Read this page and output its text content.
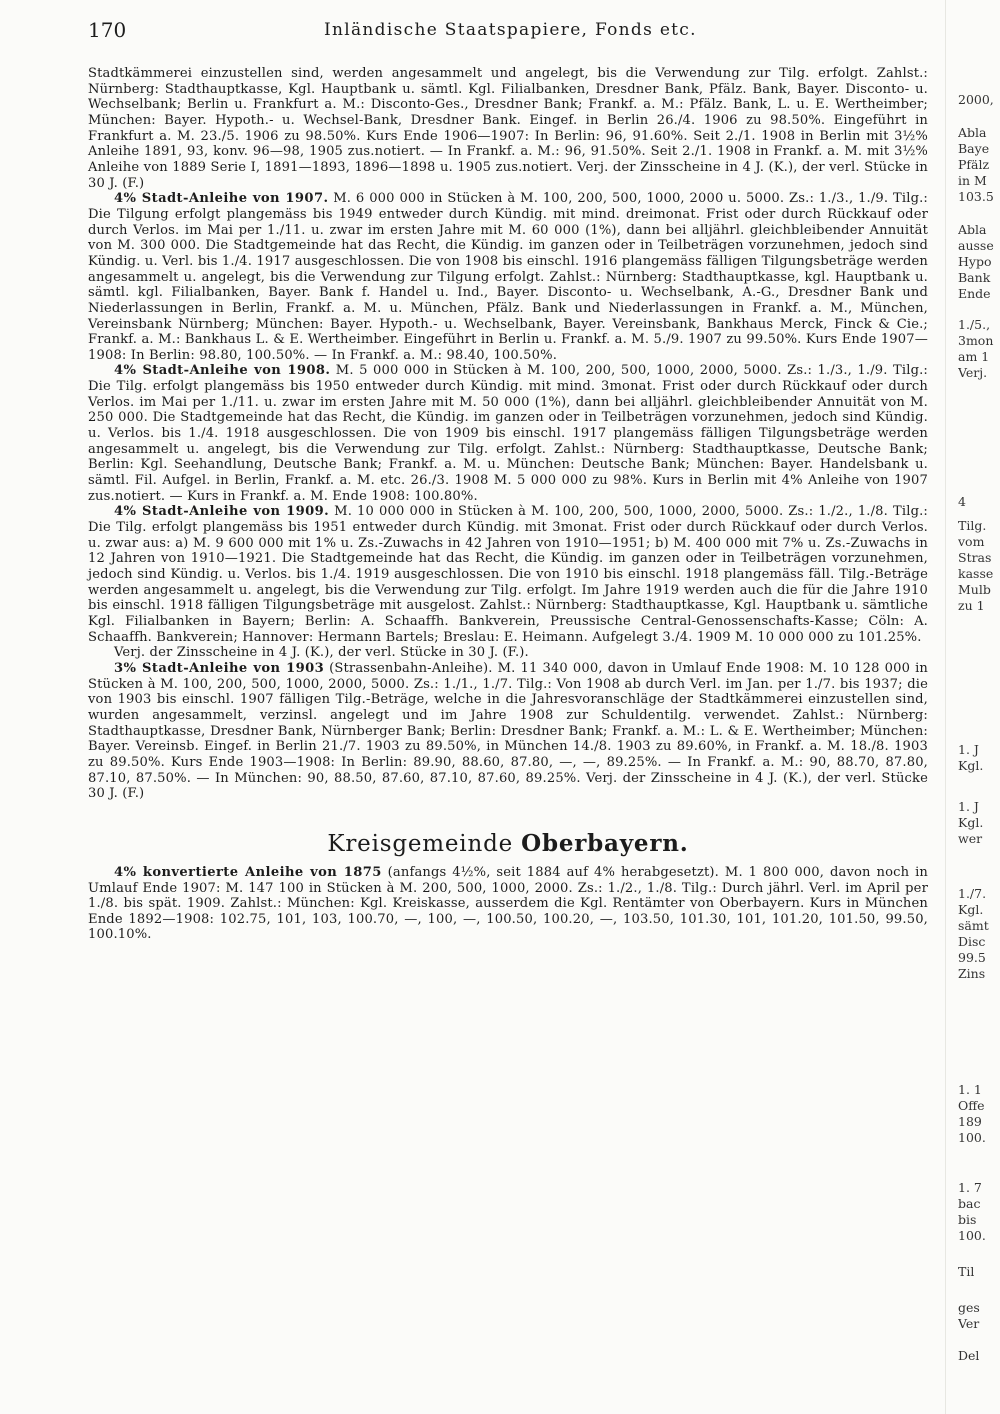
170	Inländische Staatspapiere, Fonds etc.

Stadtkämmerei einzustellen sind, werden angesammelt und angelegt, bis die Verwendung zur Tilg. erfolgt. Zahlst.: Nürnberg: Stadthauptkasse, Kgl. Hauptbank u. sämtl. Kgl. Filialbanken, Dresdner Bank, Pfälz. Bank, Bayer. Disconto- u. Wechselbank; Berlin u. Frankfurt a. M.: Disconto-Ges., Dresdner Bank; Frankf. a. M.: Pfälz. Bank, L. u. E. Wertheimber; München: Bayer. Hypoth.- u. Wechsel-Bank, Dresdner Bank. Eingef. in Berlin 26./4. 1906 zu 98.50%. Eingeführt in Frankfurt a. M. 23./5. 1906 zu 98.50%. Kurs Ende 1906—1907: In Berlin: 96, 91.60%. Seit 2./1. 1908 in Berlin mit 3½% Anleihe 1891, 93, konv. 96—98, 1905 zus.notiert. — In Frankf. a. M.: 96, 91.50%. Seit 2./1. 1908 in Frankf. a. M. mit 3½% Anleihe von 1889 Serie I, 1891—1893, 1896—1898 u. 1905 zus.notiert. Verj. der Zinsscheine in 4 J. (K.), der verl. Stücke in 30 J. (F.)

4% Stadt-Anleihe von 1907. M. 6 000 000 in Stücken à M. 100, 200, 500, 1000, 2000 u. 5000. Zs.: 1./3., 1./9. Tilg.: Die Tilgung erfolgt plangemäss bis 1949 entweder durch Kündig. mit mind. dreimonat. Frist oder durch Rückkauf oder durch Verlos. im Mai per 1./11. u. zwar im ersten Jahre mit M. 60 000 (1%), dann bei alljährl. gleichbleibender Annuität von M. 300 000. Die Stadtgemeinde hat das Recht, die Kündig. im ganzen oder in Teilbeträgen vorzunehmen, jedoch sind Kündig. u. Verl. bis 1./4. 1917 ausgeschlossen. Die von 1908 bis einschl. 1916 plangemäss fälligen Tilgungsbeträge werden angesammelt u. angelegt, bis die Verwendung zur Tilgung erfolgt. Zahlst.: Nürnberg: Stadthauptkasse, kgl. Hauptbank u. sämtl. kgl. Filialbanken, Bayer. Bank f. Handel u. Ind., Bayer. Disconto- u. Wechselbank, A.-G., Dresdner Bank und Niederlassungen in Berlin, Frankf. a. M. u. München, Pfälz. Bank und Niederlassungen in Frankf. a. M., München, Vereinsbank Nürnberg; München: Bayer. Hypoth.- u. Wechselbank, Bayer. Vereinsbank, Bankhaus Merck, Finck & Cie.; Frankf. a. M.: Bankhaus L. & E. Wertheimber. Eingeführt in Berlin u. Frankf. a. M. 5./9. 1907 zu 99.50%. Kurs Ende 1907—1908: In Berlin: 98.80, 100.50%. — In Frankf. a. M.: 98.40, 100.50%.

4% Stadt-Anleihe von 1908. M. 5 000 000 in Stücken à M. 100, 200, 500, 1000, 2000, 5000. Zs.: 1./3., 1./9. Tilg.: Die Tilg. erfolgt plangemäss bis 1950 entweder durch Kündig. mit mind. 3monat. Frist oder durch Rückkauf oder durch Verlos. im Mai per 1./11. u. zwar im ersten Jahre mit M. 50 000 (1%), dann bei alljährl. gleichbleibender Annuität von M. 250 000. Die Stadtgemeinde hat das Recht, die Kündig. im ganzen oder in Teilbeträgen vorzunehmen, jedoch sind Kündig. u. Verlos. bis 1./4. 1918 ausgeschlossen. Die von 1909 bis einschl. 1917 plangemäss fälligen Tilgungsbeträge werden angesammelt u. angelegt, bis die Verwendung zur Tilg. erfolgt. Zahlst.: Nürnberg: Stadthauptkasse, Deutsche Bank; Berlin: Kgl. Seehandlung, Deutsche Bank; Frankf. a. M. u. München: Deutsche Bank; München: Bayer. Handelsbank u. sämtl. Fil. Aufgel. in Berlin, Frankf. a. M. etc. 26./3. 1908 M. 5 000 000 zu 98%. Kurs in Berlin mit 4% Anleihe von 1907 zus.notiert. — Kurs in Frankf. a. M. Ende 1908: 100.80%.

4% Stadt-Anleihe von 1909. M. 10 000 000 in Stücken à M. 100, 200, 500, 1000, 2000, 5000. Zs.: 1./2., 1./8. Tilg.: Die Tilg. erfolgt plangemäss bis 1951 entweder durch Kündig. mit 3monat. Frist oder durch Rückkauf oder durch Verlos. u. zwar aus: a) M. 9 600 000 mit 1% u. Zs.-Zuwachs in 42 Jahren von 1910—1951; b) M. 400 000 mit 7% u. Zs.-Zuwachs in 12 Jahren von 1910—1921. Die Stadtgemeinde hat das Recht, die Kündig. im ganzen oder in Teilbeträgen vorzunehmen, jedoch sind Kündig. u. Verlos. bis 1./4. 1919 ausgeschlossen. Die von 1910 bis einschl. 1918 plangemäss fäll. Tilg.-Beträge werden angesammelt u. angelegt, bis die Verwendung zur Tilg. erfolgt. Im Jahre 1919 werden auch die für die Jahre 1910 bis einschl. 1918 fälligen Tilgungsbeträge mit ausgelost. Zahlst.: Nürnberg: Stadthauptkasse, Kgl. Hauptbank u. sämtliche Kgl. Filialbanken in Bayern; Berlin: A. Schaaffh. Bankverein, Preussische Central-Genossenschafts-Kasse; Cöln: A. Schaaffh. Bankverein; Hannover: Hermann Bartels; Breslau: E. Heimann. Aufgelegt 3./4. 1909 M. 10 000 000 zu 101.25%.

Verj. der Zinsscheine in 4 J. (K.), der verl. Stücke in 30 J. (F.).

3% Stadt-Anleihe von 1903 (Strassenbahn-Anleihe). M. 11 340 000, davon in Umlauf Ende 1908: M. 10 128 000 in Stücken à M. 100, 200, 500, 1000, 2000, 5000. Zs.: 1./1., 1./7. Tilg.: Von 1908 ab durch Verl. im Jan. per 1./7. bis 1937; die von 1903 bis einschl. 1907 fälligen Tilg.-Beträge, welche in die Jahresvoranschläge der Stadtkämmerei einzustellen sind, wurden angesammelt, verzinsl. angelegt und im Jahre 1908 zur Schuldentilg. verwendet. Zahlst.: Nürnberg: Stadthauptkasse, Dresdner Bank, Nürnberger Bank; Berlin: Dresdner Bank; Frankf. a. M.: L. & E. Wertheimber; München: Bayer. Vereinsb. Eingef. in Berlin 21./7. 1903 zu 89.50%, in München 14./8. 1903 zu 89.60%, in Frankf. a. M. 18./8. 1903 zu 89.50%. Kurs Ende 1903—1908: In Berlin: 89.90, 88.60, 87.80, —, —, 89.25%. — In Frankf. a. M.: 90, 88.70, 87.80, 87.10, 87.50%. — In München: 90, 88.50, 87.60, 87.10, 87.60, 89.25%. Verj. der Zinsscheine in 4 J. (K.), der verl. Stücke 30 J. (F.)

Kreisgemeinde Oberbayern.

4% konvertierte Anleihe von 1875 (anfangs 4½%, seit 1884 auf 4% herabgesetzt). M. 1 800 000, davon noch in Umlauf Ende 1907: M. 147 100 in Stücken à M. 200, 500, 1000, 2000. Zs.: 1./2., 1./8. Tilg.: Durch jährl. Verl. im April per 1./8. bis spät. 1909. Zahlst.: München: Kgl. Kreiskasse, ausserdem die Kgl. Rentämter von Oberbayern. Kurs in München Ende 1892—1908: 102.75, 101, 103, 100.70, —, 100, —, 100.50, 100.20, —, 103.50, 101.30, 101, 101.20, 101.50, 99.50, 100.10%.

2000,
Abla
Baye
Pfälz
in M
103.5
Abla
ausse
Hypo
Bank
Ende
1./5.,
3mon
am 1
Verj.
4
Tilg.
vom
Stras
kasse
Mulb
zu 1
1. J
Kgl.
1. J
Kgl.
wer
1./7.
Kgl.
sämt
Disc
99.5
Zins
1. 1
Offe
189
100.
1. 7
bac
bis
100.
Til
ges
Ver
Del
